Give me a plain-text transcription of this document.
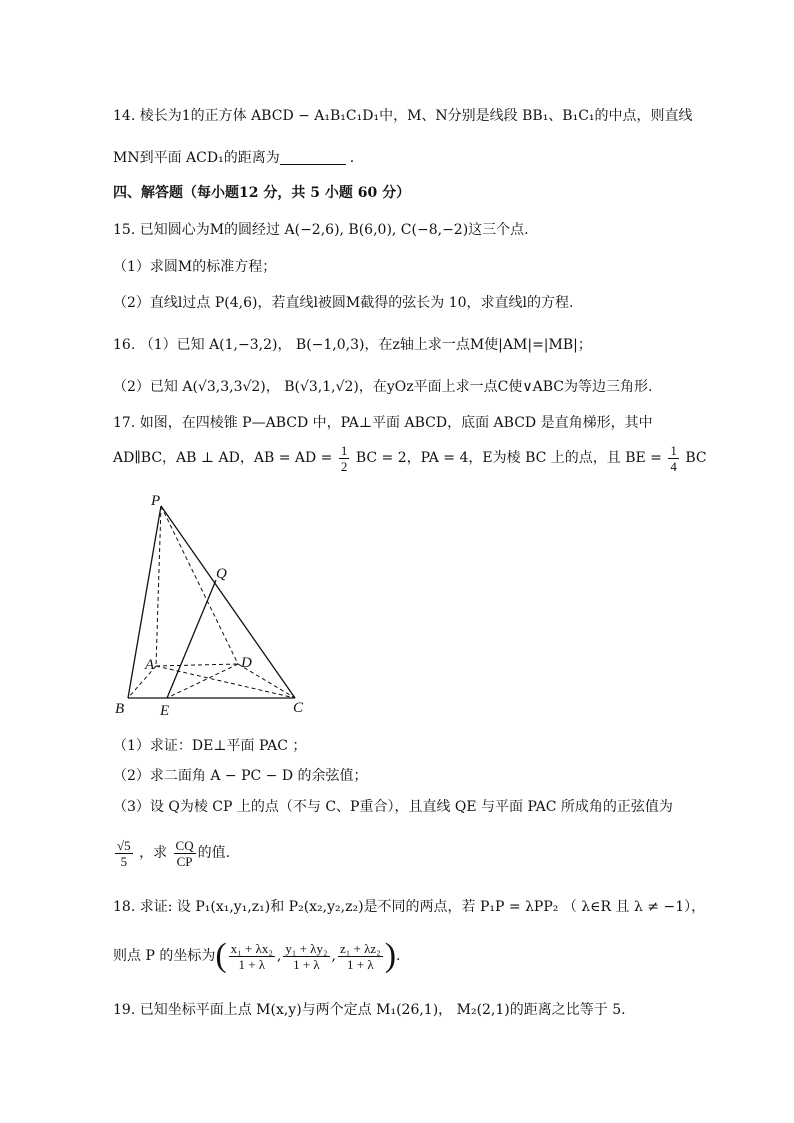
14. 棱长为1的正方体 ABCD − A₁B₁C₁D₁中，M、N分别是线段 BB₁、B₁C₁的中点，则直线
MN到平面 ACD₁的距离为	.
四、解答题（每小题12 分，共 5 小题 60 分）
15. 已知圆心为M的圆经过 A(−2,6), B(6,0), C(−8,−2)这三个点.
（1）求圆M的标准方程；
（2）直线l过点 P(4,6)，若直线l被圆M截得的弦长为 10，求直线l的方程.
16. （1）已知 A(1,−3,2)， B(−1,0,3)，在z轴上求一点M使|AM|=|MB|；
（2）已知 A(√3,3,3√2)， B(√3,1,√2)，在yOz平面上求一点C使∨ABC为等边三角形.
17. 如图，在四棱锥 P—ABCD 中，PA⊥平面 ABCD，底面 ABCD 是直角梯形，其中
AD∥BC，AB ⊥ AD，AB = AD = $\frac{1}{2}$ BC = 2，PA = 4，E为棱 BC 上的点，且 BE = $\frac{1}{4}$ BC
P
Q
A	D
B E	C
（1）求证：DE⊥平面 PAC ；
（2）求二面角 A − PC − D 的余弦值；
（3）设 Q为棱 CP 上的点（不与 C、P重合），且直线 QE 与平面 PAC 所成角的正弦值为
$\frac{√5}{5}$ ，求 $\frac{CQ}{CP}$ 的值.
18. 求证: 设 P₁(x₁,y₁,z₁)和 P₂(x₂,y₂,z₂)是不同的两点，若 P₁P = λPP₂ （ λ∈R 且 λ ≠ −1），
则点 P 的坐标为( $\frac{\text{x₁ + λx₂}}{1 + \lambda}$ , $\frac{\text{y₁ + λy₂}}{1 + \lambda}$ , $\frac{\text{z₁ + λz₂}}{1 + \lambda}$ ).
19. 已知坐标平面上点 M(x,y)与两个定点 M₁(26,1)， M₂(2,1)的距离之比等于 5.
